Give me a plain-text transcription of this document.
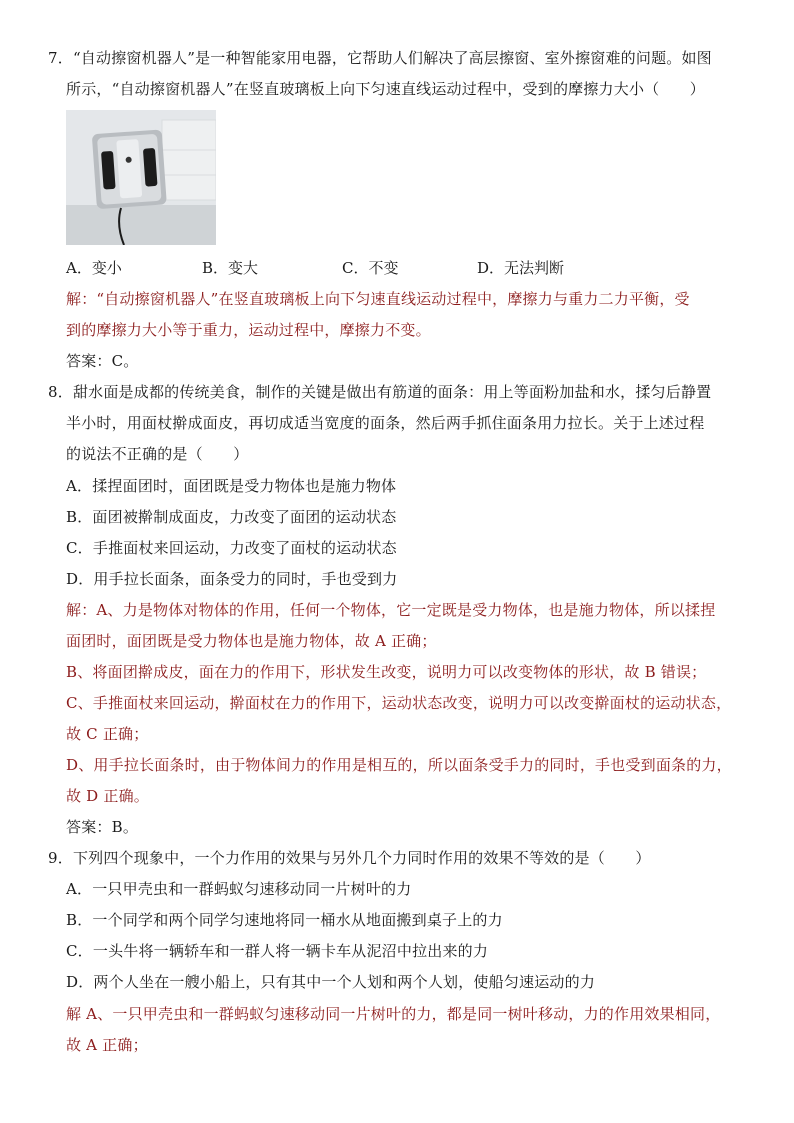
7．“自动擦窗机器人”是一种智能家用电器，它帮助人们解决了高层擦窗、室外擦窗难的问题。如图
所示，“自动擦窗机器人”在竖直玻璃板上向下匀速直线运动过程中，受到的摩擦力大小（　　）
A．变小	B．变大	C．不变	D．无法判断
解：“自动擦窗机器人”在竖直玻璃板上向下匀速直线运动过程中，摩擦力与重力二力平衡，受
到的摩擦力大小等于重力，运动过程中，摩擦力不变。
答案：C。
8．甜水面是成都的传统美食，制作的关键是做出有筋道的面条：用上等面粉加盐和水，揉匀后静置
半小时，用面杖擀成面皮，再切成适当宽度的面条，然后两手抓住面条用力拉长。关于上述过程
的说法不正确的是（　　）
A．揉捏面团时，面团既是受力物体也是施力物体
B．面团被擀制成面皮，力改变了面团的运动状态
C．手推面杖来回运动，力改变了面杖的运动状态
D．用手拉长面条，面条受力的同时，手也受到力
解：A、力是物体对物体的作用，任何一个物体，它一定既是受力物体，也是施力物体，所以揉捏
面团时，面团既是受力物体也是施力物体，故 A 正确；
B、将面团擀成皮，面在力的作用下，形状发生改变，说明力可以改变物体的形状，故 B 错误；
C、手推面杖来回运动，擀面杖在力的作用下，运动状态改变，说明力可以改变擀面杖的运动状态，
故 C 正确；
D、用手拉长面条时，由于物体间力的作用是相互的，所以面条受手力的同时，手也受到面条的力，
故 D 正确。
答案：B。
9．下列四个现象中，一个力作用的效果与另外几个力同时作用的效果不等效的是（　　）
A．一只甲壳虫和一群蚂蚁匀速移动同一片树叶的力
B．一个同学和两个同学匀速地将同一桶水从地面搬到桌子上的力
C．一头牛将一辆轿车和一群人将一辆卡车从泥沼中拉出来的力
D．两个人坐在一艘小船上，只有其中一个人划和两个人划，使船匀速运动的力
解 A、一只甲壳虫和一群蚂蚁匀速移动同一片树叶的力，都是同一树叶移动，力的作用效果相同，
故 A 正确；
